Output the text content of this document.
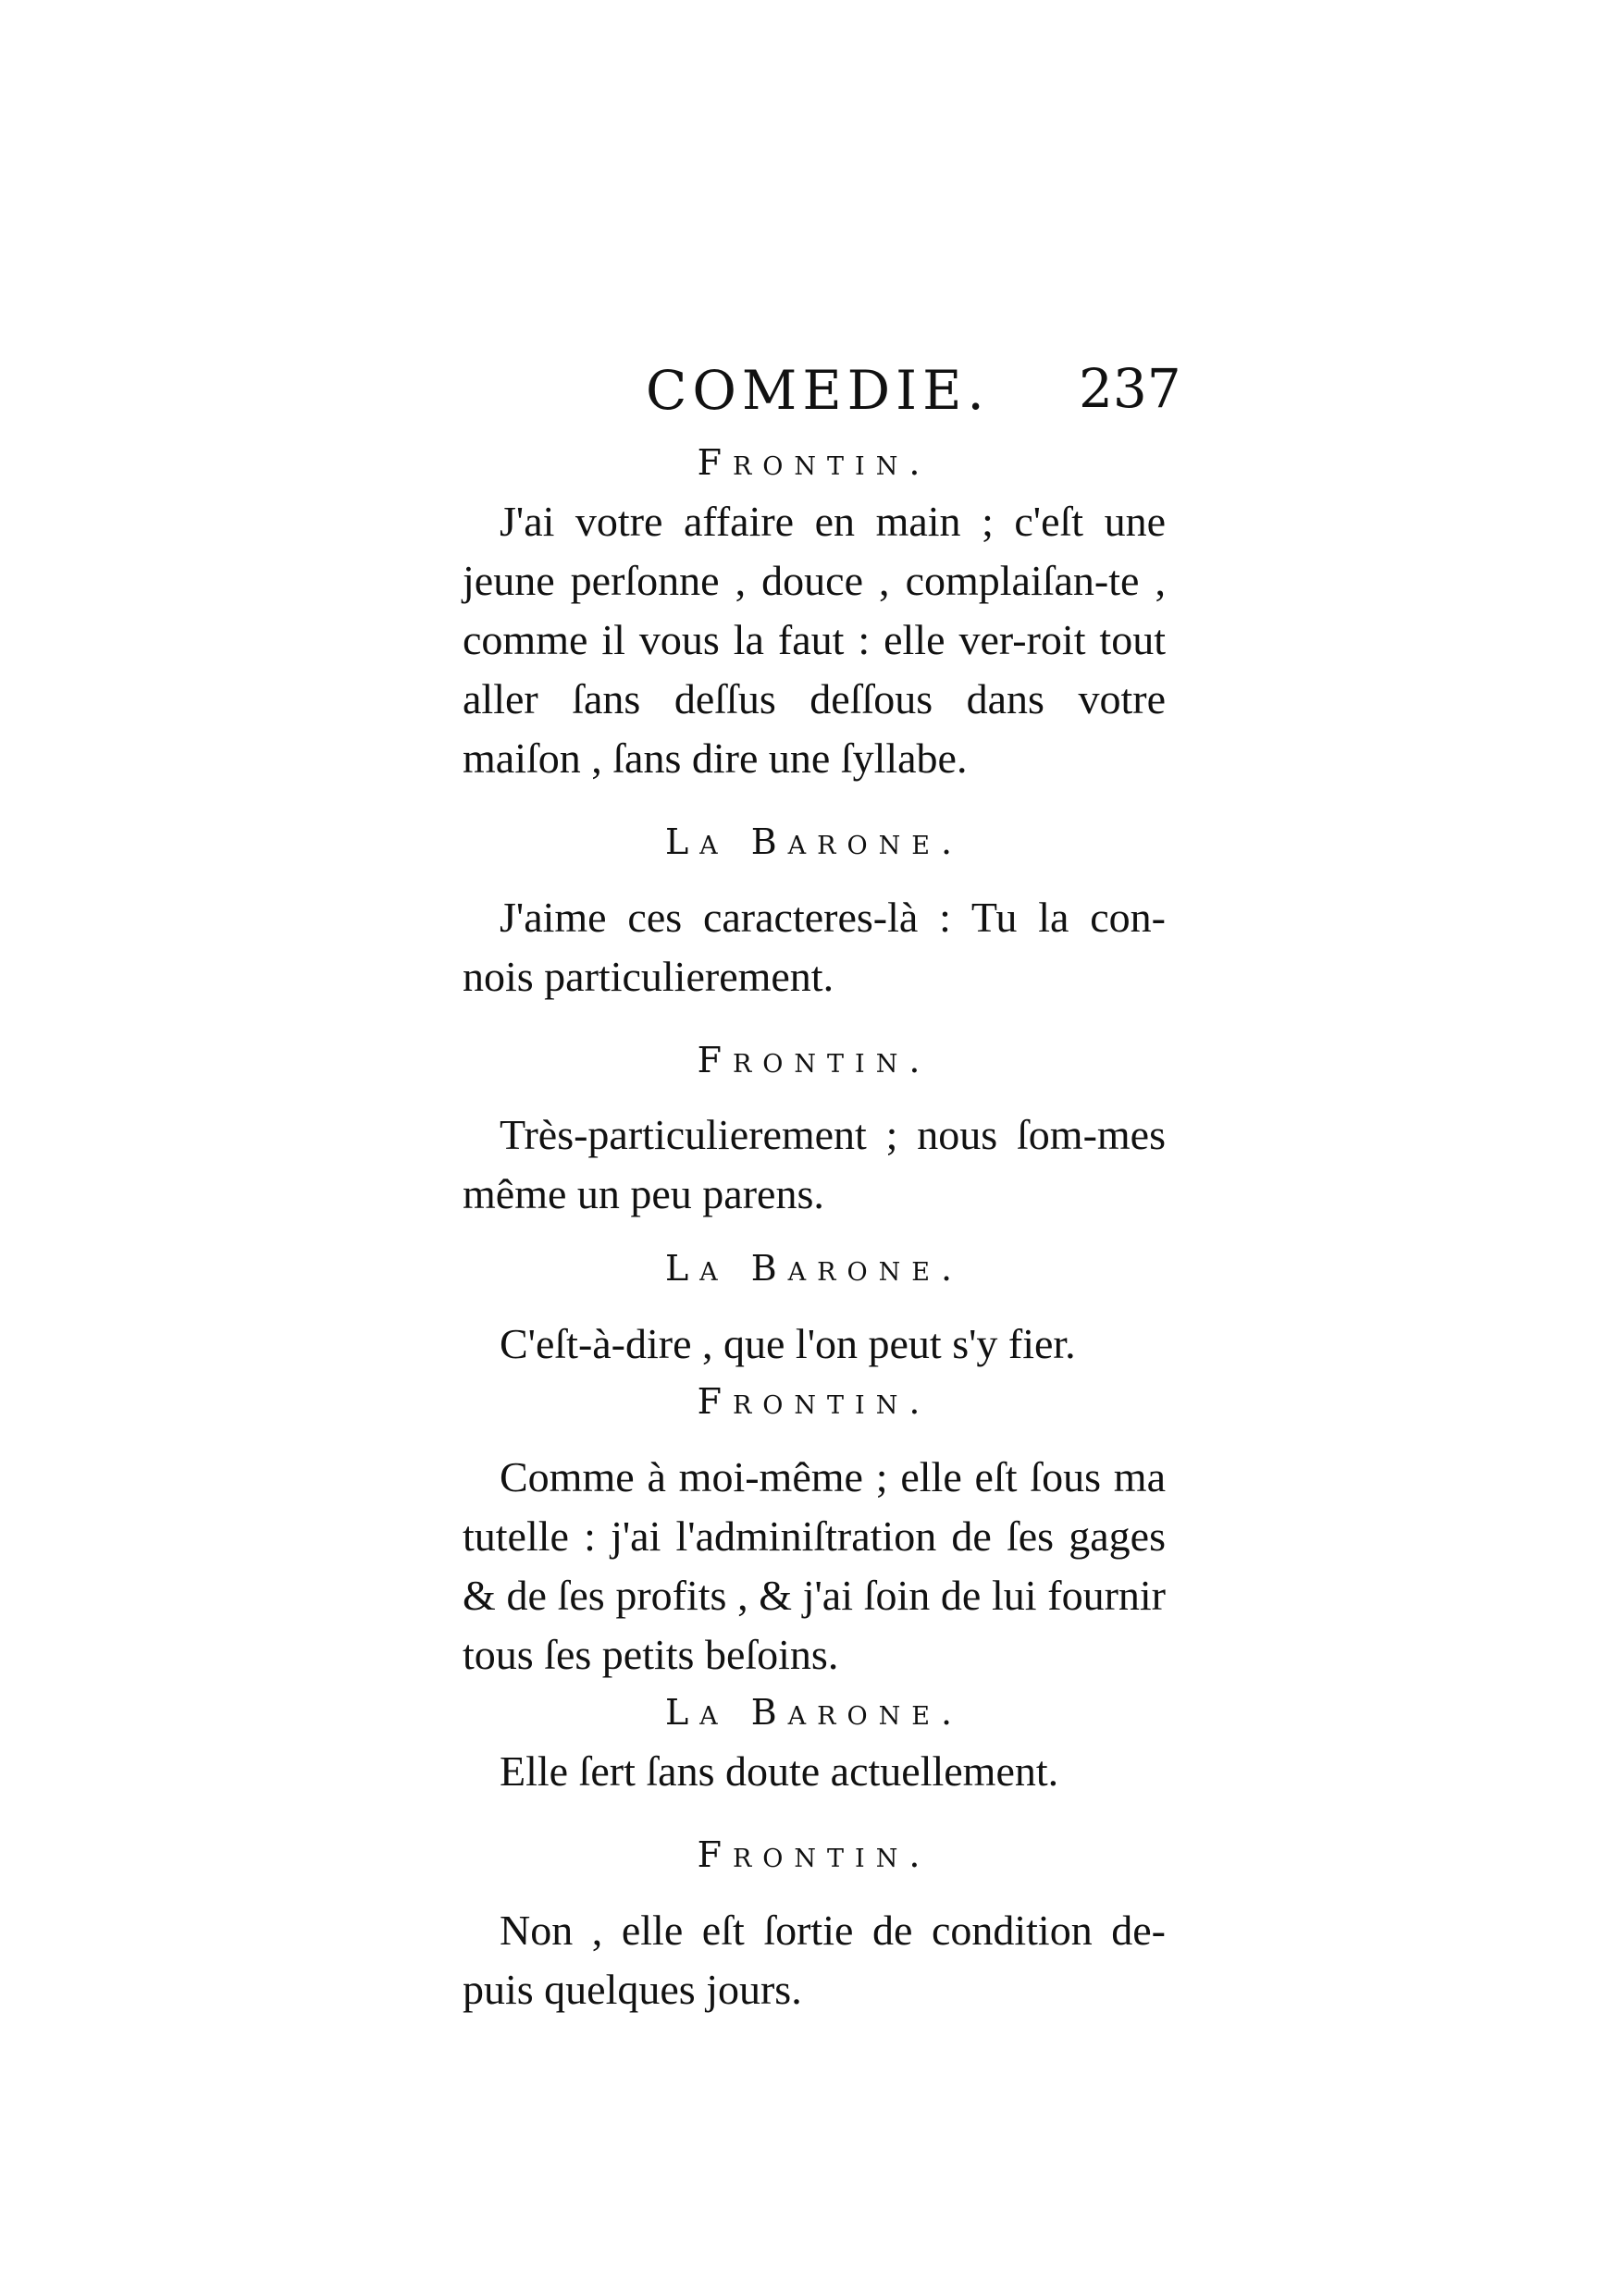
COMEDIE. 237
Frontin.

J'ai votre affaire en main ; c'eſt une jeune perſonne , douce , complaiſan-te , comme il vous la faut : elle ver-roit tout aller ſans deſſus deſſous dans votre maiſon , ſans dire une ſyllabe.

La Barone.

J'aime ces caracteres-là : Tu la con-nois particulierement.

Frontin.

Très-particulierement ; nous ſom-mes même un peu parens.

La Barone.

C'eſt-à-dire , que l'on peut s'y fier.

Frontin.

Comme à moi-même ; elle eſt ſous ma tutelle : j'ai l'adminiſtration de ſes gages & de ſes profits , & j'ai ſoin de lui fournir tous ſes petits beſoins.

La Barone.

Elle ſert ſans doute actuellement.

Frontin.

Non , elle eſt ſortie de condition de-puis quelques jours.
